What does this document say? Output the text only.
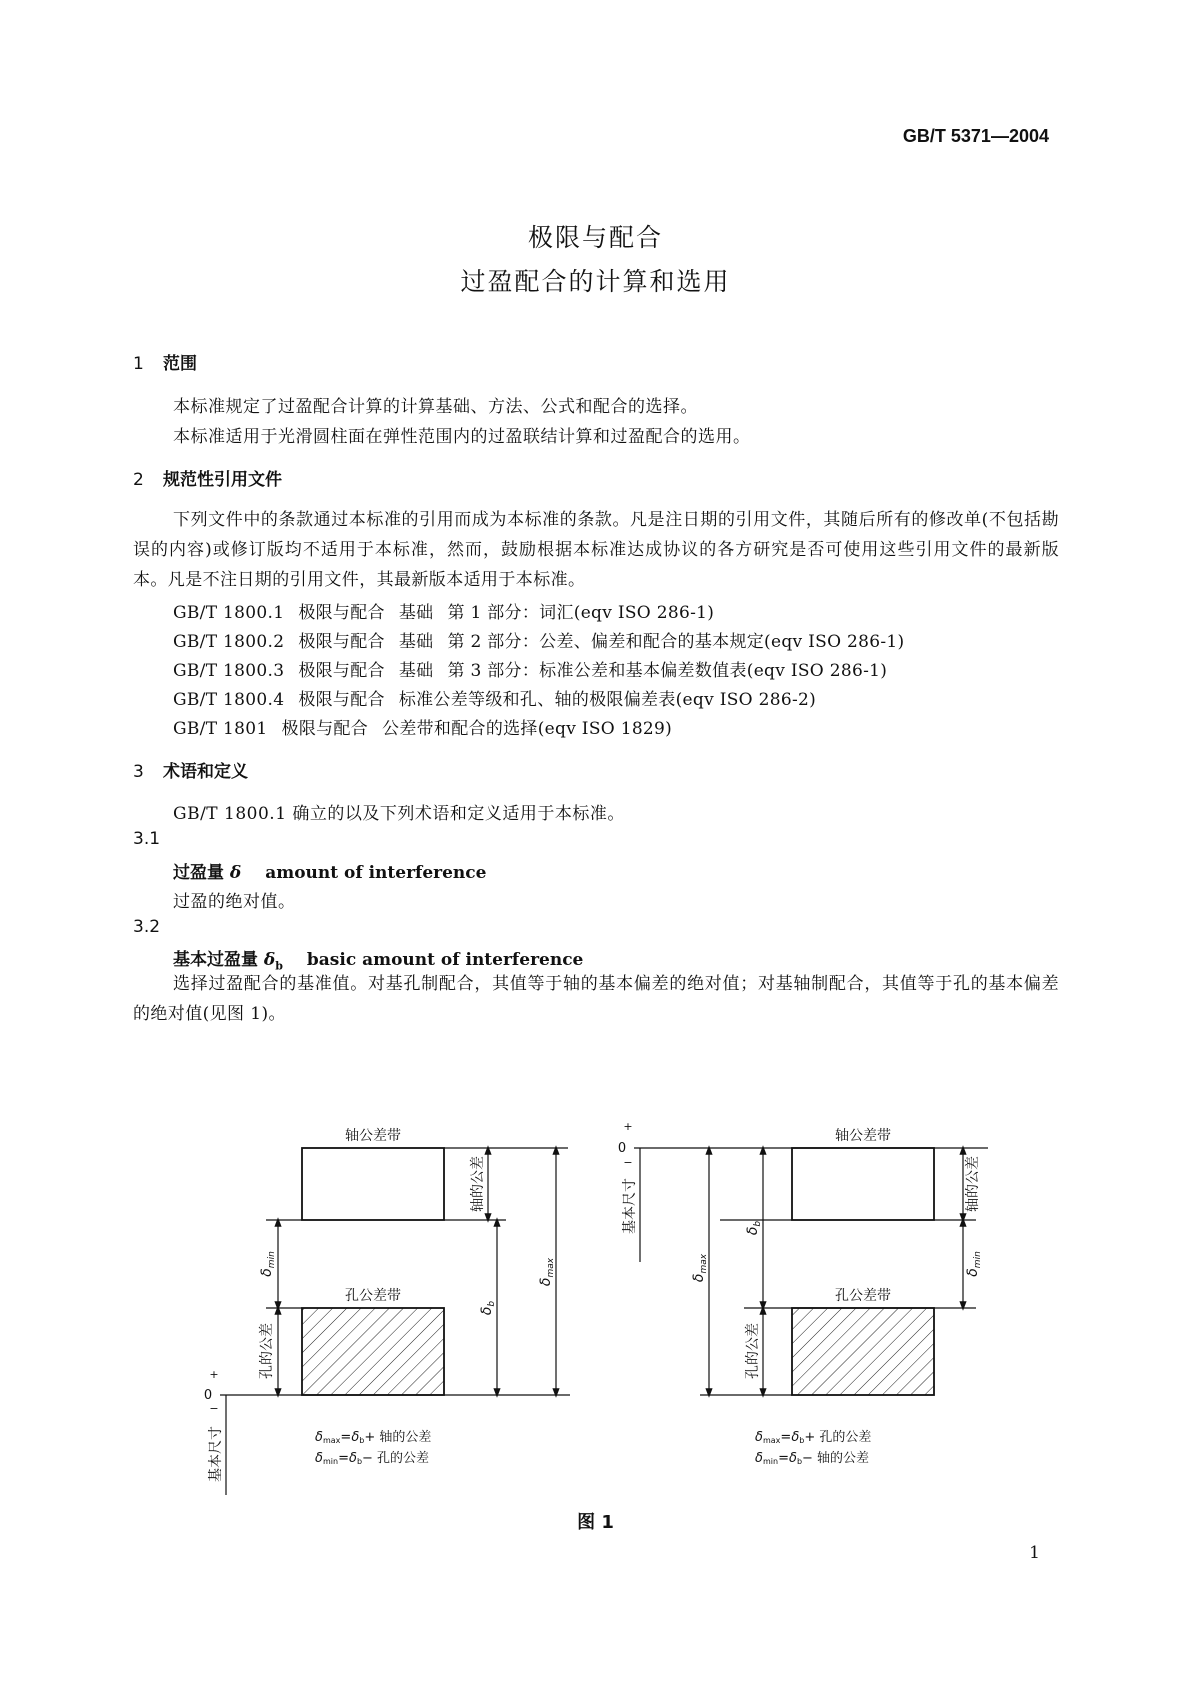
GB/T 5371—2004
极限与配合
过盈配合的计算和选用
1 范围
本标准规定了过盈配合计算的计算基础、方法、公式和配合的选择。
本标准适用于光滑圆柱面在弹性范围内的过盈联结计算和过盈配合的选用。
2 规范性引用文件
下列文件中的条款通过本标准的引用而成为本标准的条款。凡是注日期的引用文件，其随后所有的修改单(不包括勘误的内容)或修订版均不适用于本标准，然而，鼓励根据本标准达成协议的各方研究是否可使用这些引用文件的最新版本。凡是不注日期的引用文件，其最新版本适用于本标准。
GB/T 1800.1 极限与配合 基础 第 1 部分：词汇(eqv ISO 286-1)
GB/T 1800.2 极限与配合 基础 第 2 部分：公差、偏差和配合的基本规定(eqv ISO 286-1)
GB/T 1800.3 极限与配合 基础 第 3 部分：标准公差和基本偏差数值表(eqv ISO 286-1)
GB/T 1800.4 极限与配合 标准公差等级和孔、轴的极限偏差表(eqv ISO 286-2)
GB/T 1801 极限与配合 公差带和配合的选择(eqv ISO 1829)
3 术语和定义
GB/T 1800.1 确立的以及下列术语和定义适用于本标准。
3.1
过盈量 δ amount of interference
过盈的绝对值。
3.2
基本过盈量 $\delta_b$ basic amount of interference
选择过盈配合的基准值。对基孔制配合，其值等于轴的基本偏差的绝对值；对基轴制配合，其值等于孔的基本偏差的绝对值(见图 1)。
轴公差带
孔公差带
轴的公差
孔的公差
$\delta_{min}$
$\delta_b$
$\delta_{max}$
+
0
−
基本尺寸	δmax=δb+ 轴的公差
δmin=δb− 孔的公差
轴公差带
孔公差带
轴的公差
孔的公差
$\delta_{min}$
$\delta_b$
$\delta_{max}$
+
0
−
基本尺寸
δmax=δb+ 孔的公差
δmin=δb− 轴的公差
图 1
1
